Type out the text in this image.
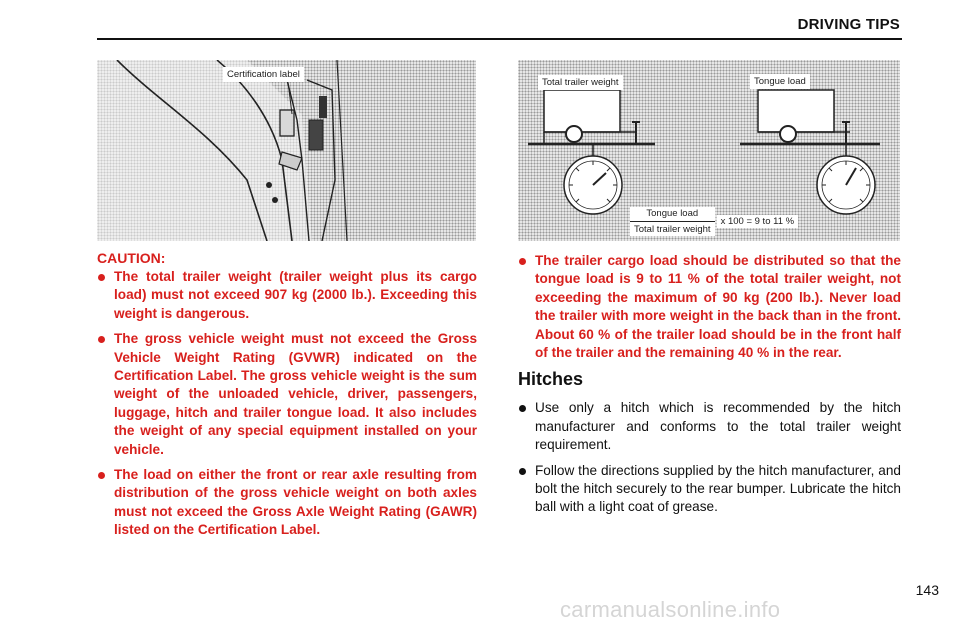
DRIVING TIPS
Certification label
Total trailer weight	Tongue load
$\frac{\text{Tongue load}}{\text{Total trailer weight}}$ x 100 = 9 to 11 %
CAUTION:
The total trailer weight (trailer weight plus its cargo load) must not exceed 907 kg (2000 lb.). Exceeding this weight is dangerous.
The gross vehicle weight must not exceed the Gross Vehicle Weight Rating (GVWR) indicated on the Certification Label. The gross vehicle weight is the sum weight of the unloaded vehicle, driver, passengers, luggage, hitch and trailer tongue load. It also includes the weight of any special equipment installed on your vehicle.
The load on either the front or rear axle resulting from distribution of the gross vehicle weight on both axles must not exceed the Gross Axle Weight Rating (GAWR) listed on the Certification Label.
The trailer cargo load should be distributed so that the tongue load is 9 to 11 % of the total trailer weight, not exceeding the maximum of 90 kg (200 lb.). Never load the trailer with more weight in the back than in the front. About 60 % of the trailer load should be in the front half of the trailer and the remaining 40 % in the rear.
Hitches
Use only a hitch which is recommended by the hitch manufacturer and conforms to the total trailer weight requirement.
Follow the directions supplied by the hitch manufacturer, and bolt the hitch securely to the rear bumper. Lubricate the hitch ball with a light coat of grease.
143
carmanualsonline.info
